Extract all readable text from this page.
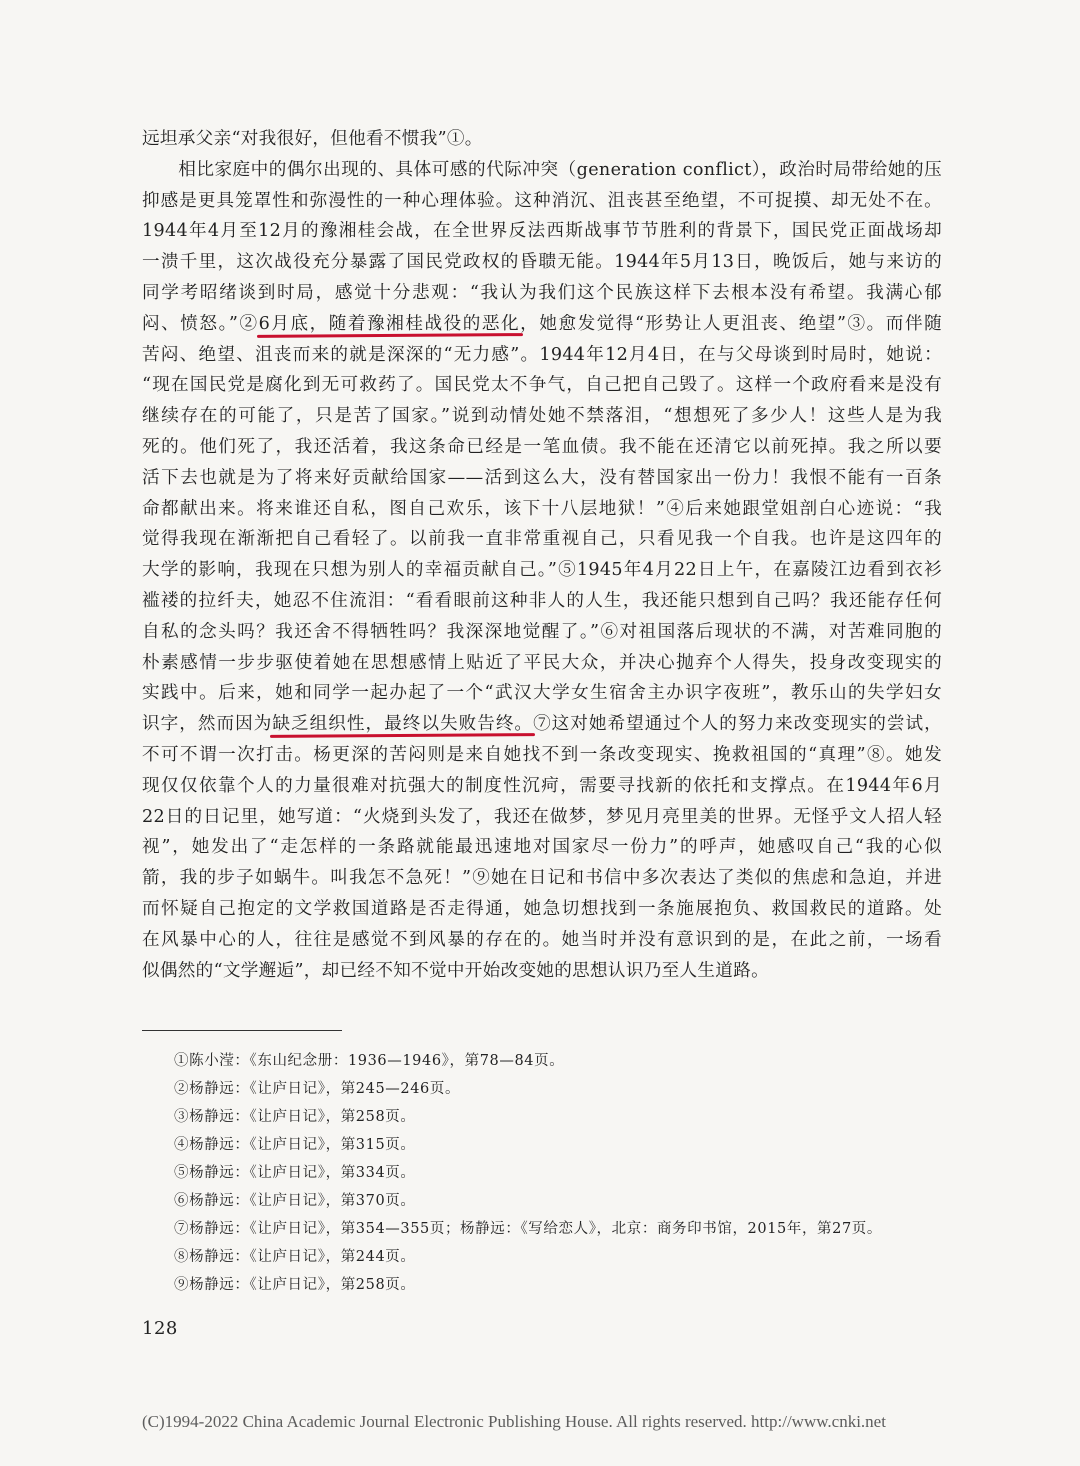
远坦承父亲“对我很好，但他看不惯我”①。
　　相比家庭中的偶尔出现的、具体可感的代际冲突（generation conflict），政治时局带给她的压
抑感是更具笼罩性和弥漫性的一种心理体验。这种消沉、沮丧甚至绝望，不可捉摸、却无处不在。
1944年4月至12月的豫湘桂会战，在全世界反法西斯战事节节胜利的背景下，国民党正面战场却
一溃千里，这次战役充分暴露了国民党政权的昏聩无能。1944年5月13日，晚饭后，她与来访的
同学考昭绪谈到时局，感觉十分悲观：“我认为我们这个民族这样下去根本没有希望。我满心郁
闷、愤怒。”②6月底，随着豫湘桂战役的恶化，她愈发觉得“形势让人更沮丧、绝望”③。而伴随
苦闷、绝望、沮丧而来的就是深深的“无力感”。1944年12月4日，在与父母谈到时局时，她说：
“现在国民党是腐化到无可救药了。国民党太不争气，自己把自己毁了。这样一个政府看来是没有
继续存在的可能了，只是苦了国家。”说到动情处她不禁落泪，“想想死了多少人！这些人是为我
死的。他们死了，我还活着，我这条命已经是一笔血债。我不能在还清它以前死掉。我之所以要
活下去也就是为了将来好贡献给国家——活到这么大，没有替国家出一份力！我恨不能有一百条
命都献出来。将来谁还自私，图自己欢乐，该下十八层地狱！”④后来她跟堂姐剖白心迹说：“我
觉得我现在渐渐把自己看轻了。以前我一直非常重视自己，只看见我一个自我。也许是这四年的
大学的影响，我现在只想为别人的幸福贡献自己。”⑤1945年4月22日上午，在嘉陵江边看到衣衫
褴褛的拉纤夫，她忍不住流泪：“看看眼前这种非人的人生，我还能只想到自己吗？我还能存任何
自私的念头吗？我还舍不得牺牲吗？我深深地觉醒了。”⑥对祖国落后现状的不满，对苦难同胞的
朴素感情一步步驱使着她在思想感情上贴近了平民大众，并决心抛弃个人得失，投身改变现实的
实践中。后来，她和同学一起办起了一个“武汉大学女生宿舍主办识字夜班”，教乐山的失学妇女
识字，然而因为缺乏组织性，最终以失败告终。⑦这对她希望通过个人的努力来改变现实的尝试，
不可不谓一次打击。杨更深的苦闷则是来自她找不到一条改变现实、挽救祖国的“真理”⑧。她发
现仅仅依靠个人的力量很难对抗强大的制度性沉疴，需要寻找新的依托和支撑点。在1944年6月
22日的日记里，她写道：“火烧到头发了，我还在做梦，梦见月亮里美的世界。无怪乎文人招人轻
视”，她发出了“走怎样的一条路就能最迅速地对国家尽一份力”的呼声，她感叹自己“我的心似
箭，我的步子如蜗牛。叫我怎不急死！”⑨她在日记和书信中多次表达了类似的焦虑和急迫，并进
而怀疑自己抱定的文学救国道路是否走得通，她急切想找到一条施展抱负、救国救民的道路。处
在风暴中心的人，往往是感觉不到风暴的存在的。她当时并没有意识到的是，在此之前，一场看
似偶然的“文学邂逅”，却已经不知不觉中开始改变她的思想认识乃至人生道路。
①陈小滢：《东山纪念册：1936—1946》，第78—84页。
②杨静远：《让庐日记》，第245—246页。
③杨静远：《让庐日记》，第258页。
④杨静远：《让庐日记》，第315页。
⑤杨静远：《让庐日记》，第334页。
⑥杨静远：《让庐日记》，第370页。
⑦杨静远：《让庐日记》，第354—355页；杨静远：《写给恋人》，北京：商务印书馆，2015年，第27页。
⑧杨静远：《让庐日记》，第244页。
⑨杨静远：《让庐日记》，第258页。
128
(C)1994-2022 China Academic Journal Electronic Publishing House. All rights reserved. http://www.cnki.net
